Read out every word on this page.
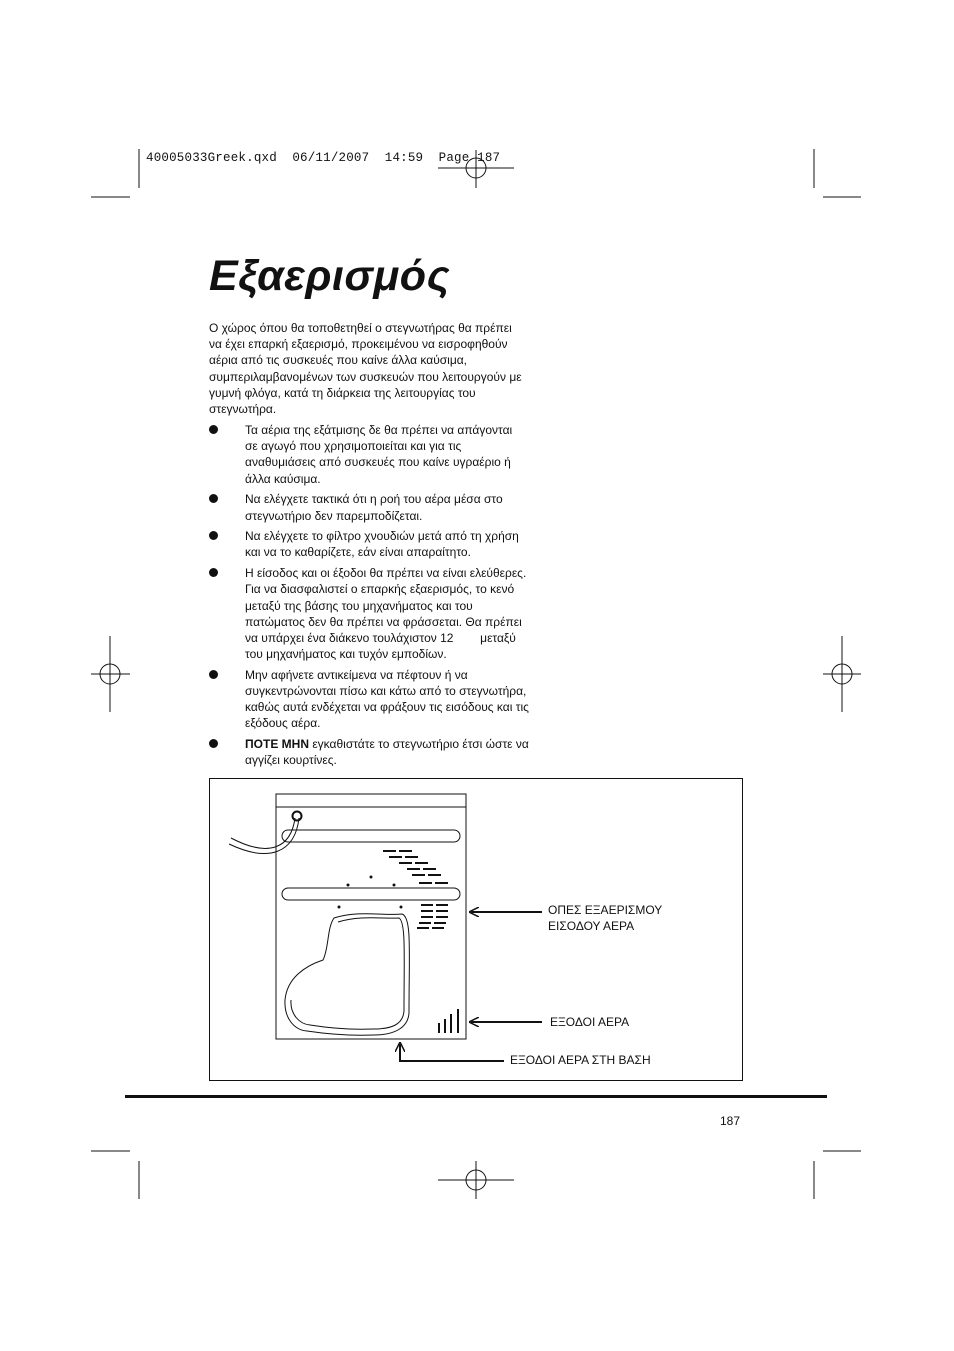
40005033Greek.qxd  06/11/2007  14:59  Page 187
Εξαερισμός

Ο χώρος όπου θα τοποθετηθεί ο στεγνωτήρας θα πρέπει
να έχει επαρκή εξαερισμό, προκειμένου να εισροφηθούν
αέρια από τις συσκευές που καίνε άλλα καύσιμα,
συμπεριλαμβανομένων των συσκευών που λειτουργούν με
γυμνή φλόγα, κατά τη διάρκεια της λειτουργίας του
στεγνωτήρα.

Τα αέρια της εξάτμισης δε θα πρέπει να απάγονται
σε αγωγό που χρησιμοποιείται και για τις
αναθυμιάσεις από συσκευές που καίνε υγραέριο ή
άλλα καύσιμα.
Να ελέγχετε τακτικά ότι η ροή του αέρα μέσα στο
στεγνωτήριο δεν παρεμποδίζεται.
Να ελέγχετε το φίλτρο χνουδιών μετά από τη χρήση
και να το καθαρίζετε, εάν είναι απαραίτητο.
Η είσοδος και οι έξοδοι θα πρέπει να είναι ελεύθερες.
Για να διασφαλιστεί ο επαρκής εξαερισμός, το κενό
μεταξύ της βάσης του μηχανήματος και του
πατώματος δεν θα πρέπει να φράσσεται. Θα πρέπει
να υπάρχει ένα διάκενο τουλάχιστον 12        μεταξύ
του μηχανήματος και τυχόν εμποδίων.
Μην αφήνετε αντικείμενα να πέφτουν ή να
συγκεντρώνονται πίσω και κάτω από το στεγνωτήρα,
καθώς αυτά ενδέχεται να φράξουν τις εισόδους και τις
εξόδους αέρα.
ΠΟΤΕ ΜΗΝ εγκαθιστάτε το στεγνωτήριο έτσι ώστε να
αγγίζει κουρτίνες.
ΟΠΕΣ ΕΞΑΕΡΙΣΜΟΥ
ΕΙΣΟΔΟΥ ΑΕΡΑ
ΕΞΟΔΟΙ ΑΕΡΑ
ΕΞΟΔΟΙ ΑΕΡΑ ΣΤΗ ΒΑΣΗ
187
